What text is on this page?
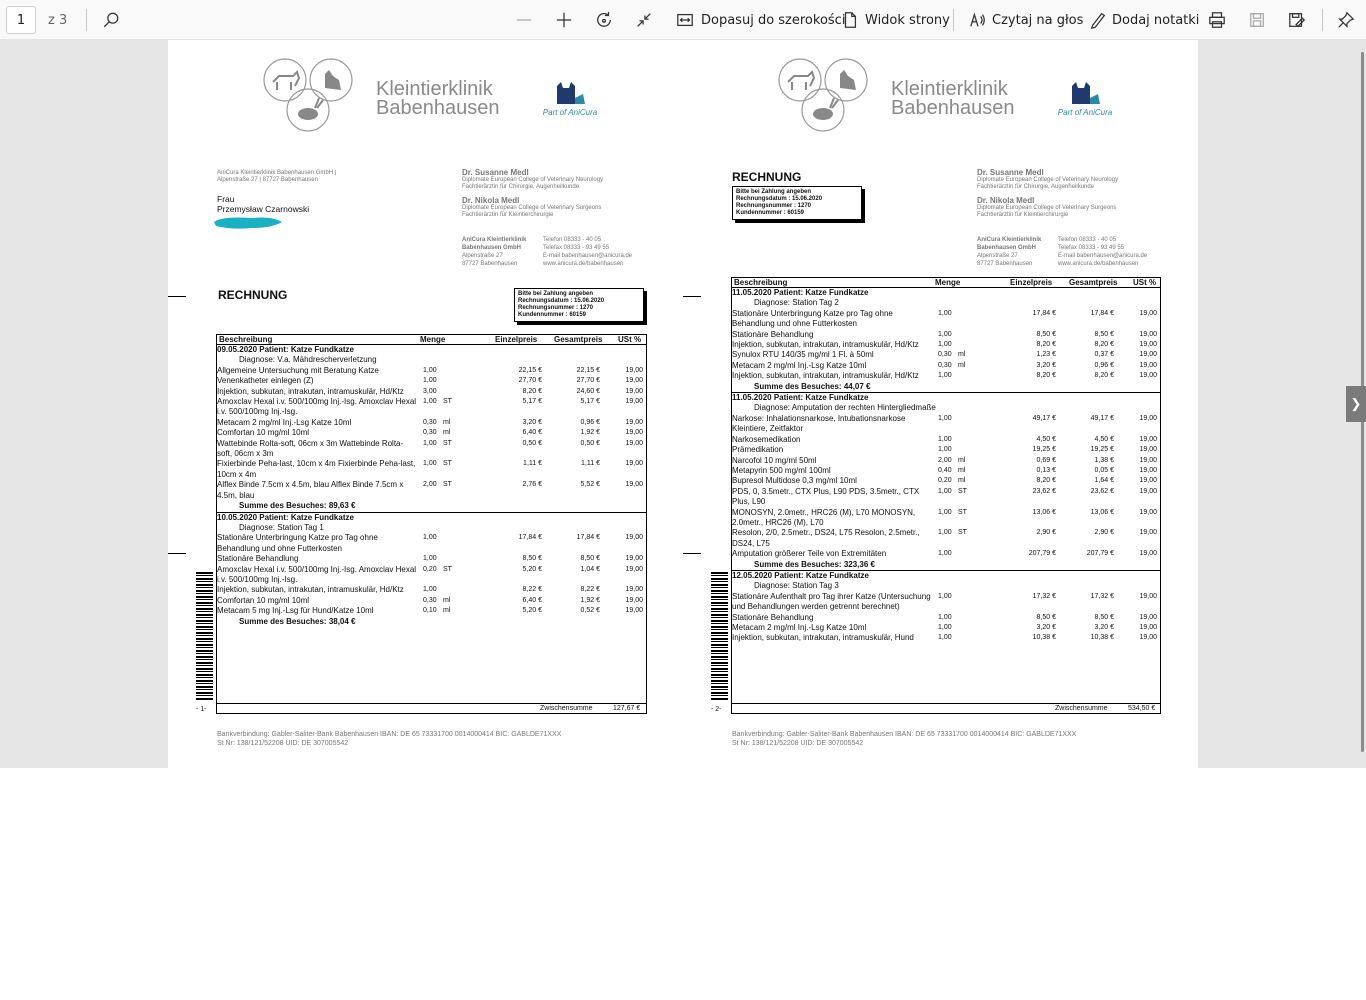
1	z 3	Dopasuj do szerokości Widok strony	Czytaj na głos Dodaj notatki
❯
Kleintierklinik
Babenhausen	Part of AniCura
AniCura Kleintierklinik Babenhausen GmbH |
Alpenstraße 27 | 87727 Babenhausen
Frau
Przemysław Czarnowski
Dr. Susanne Medl
Diplomate European College of Veterinary Neurology
Fachtierärztin für Chirurgie, Augenheilkunde
Dr. Nikola Medl
Diplomate European College of Veterinary Surgeons
Fachtierärztin für Kleintierchirurgie
AniCura Kleintierklinik
Babenhausen GmbH
Alpenstraße 27
87727 Babenhausen
Telefon 08333 - 40 05
Telefax 08333 - 93 49 55
E-mail babenhausen@anicura.de
www.anicura.de/babenhausen
RECHNUNG	Bitte bei Zahlung angeben
Rechnungsdatum : 15.06.2020
Rechnungsnummer : 1270
Kundennummer : 60159
Beschreibung	Menge	Einzelpreis Gesamtpreis USt %
09.05.2020 Patient: Katze Fundkatze
Diagnose: V.a. Mähdrescherverletzung
Allgemeine Untersuchung mit Beratung Katze	1,00	22,15 €	22,15 €	19,00
Venenkatheter einlegen (Z)	1,00	27,70 €	27,70 €	19,00
Injektion, subkutan, intrakutan, intramuskulär, Hd/Ktz	3,00	8,20 €	24,60 €	19,00
Amoxclav Hexal i.v. 500/100mg Inj.-Isg. Amoxclav Hexal i.v. 500/100mg Inj.-Isg.
1,00 ST	5,17 €	5,17 €	19,00
Metacam 2 mg/ml Inj.-Lsg Katze 10ml	0,30 ml	3,20 €	0,96 €	19,00
Comfortan 10 mg/ml 10ml	0,30 ml	6,40 €	1,92 €	19,00
Wattebinde Rolta-soft, 06cm x 3m Wattebinde Rolta-soft, 06cm x 3m
1,00 ST	0,50 €	0,50 €	19,00
Fixierbinde Peha-last, 10cm x 4m Fixierbinde Peha-last, 10cm x 4m
1,00 ST	1,11 €	1,11 €	19,00
Alflex Binde 7.5cm x 4.5m, blau Alflex Binde 7.5cm x 4.5m, blau
2,00 ST	2,76 €	5,52 €	19,00
Summe des Besuches: 89,63 €
10.05.2020 Patient: Katze Fundkatze
Diagnose: Station Tag 1
Stationäre Unterbringung Katze pro Tag ohne Behandlung und ohne Futterkosten
1,00	17,84 €	17,84 €	19,00
Stationäre Behandlung	1,00	8,50 €	8,50 €	19,00
Amoxclav Hexal i.v. 500/100mg Inj.-Isg. Amoxclav Hexal i.v. 500/100mg Inj.-Isg.
0,20 ST	5,20 €	1,04 €	19,00
Injektion, subkutan, intrakutan, intramuskulär, Hd/Ktz	1,00	8,22 €	8,22 €	19,00
Comfortan 10 mg/ml 10ml	0,30 ml	6,40 €	1,92 €	19,00
Metacam 5 mg Inj.-Lsg für Hund/Katze 10ml	0,10 ml	5,20 €	0,52 €	19,00
Summe des Besuches: 38,04 €
Zwischensumme	127,67 €
- 1-
Bankverbindung: Gabler-Saliter-Bank Babenhausen IBAN: DE 65 73331700 0014000414 BIC: GABLDE71XXX
St Nr: 138/121/52208 UID: DE 307005542
Kleintierklinik
Babenhausen	Part of AniCura
RECHNUNG
Bitte bei Zahlung angeben
Rechnungsdatum : 15.06.2020
Rechnungsnummer : 1270
Kundennummer : 60159
Dr. Susanne Medl
Diplomate European College of Veterinary Neurology
Fachtierärztin für Chirurgie, Augenheilkunde
Dr. Nikola Medl
Diplomate European College of Veterinary Surgeons
Fachtierärztin für Kleintierchirurgie
AniCura Kleintierklinik
Babenhausen GmbH
Alpenstraße 27
87727 Babenhausen
Telefon 08333 - 40 05
Telefax 08333 - 93 49 55
E-mail babenhausen@anicura.de
www.anicura.de/babenhausen
Beschreibung	Menge	Einzelpreis Gesamtpreis USt %
11.05.2020 Patient: Katze Fundkatze
Diagnose: Station Tag 2
Stationäre Unterbringung Katze pro Tag ohne Behandlung und ohne Futterkosten
1,00	17,84 €	17,84 €	19,00
Stationäre Behandlung	1,00	8,50 €	8,50 €	19,00
Injektion, subkutan, intrakutan, intramuskulär, Hd/Ktz	1,00	8,20 €	8,20 €	19,00
Synulox RTU 140/35 mg/ml 1 Fl. à 50ml	0,30 ml	1,23 €	0,37 €	19,00
Metacam 2 mg/ml Inj.-Lsg Katze 10ml	0,30 ml	3,20 €	0,96 €	19,00
Injektion, subkutan, intrakutan, intramuskulär, Hd/Ktz	1,00	8,20 €	8,20 €	19,00
Summe des Besuches: 44,07 €
11.05.2020 Patient: Katze Fundkatze
Diagnose: Amputation der rechten Hintergliedmaße
Narkose: Inhalationsnarkose, Intubationsnarkose Kleintiere, Zeitfaktor
1,00	49,17 €	49,17 €	19,00
Narkosemedikation	1,00	4,50 €	4,50 €	19,00
Prämedikation	1,00	19,25 €	19,25 €	19,00
Narcofol 10 mg/ml 50ml	2,00 ml	0,69 €	1,38 €	19,00
Metapyrin 500 mg/ml 100ml	0,40 ml	0,13 €	0,05 €	19,00
Bupresol Multidose 0,3 mg/ml 10ml	0,20 ml	8,20 €	1,64 €	19,00
PDS, 0, 3.5metr., CTX Plus, L90 PDS, 3.5metr., CTX Plus, L90
1,00 ST	23,62 €	23,62 €	19,00
MONOSYN, 2.0metr., HRC26 (M), L70 MONOSYN, 2.0metr., HRC26 (M), L70
1,00 ST	13,06 €	13,06 €	19,00
Resolon, 2/0, 2.5metr., DS24, L75 Resolon, 2.5metr., DS24, L75
1,00 ST	2,90 €	2,90 €	19,00
Amputation größerer Teile von Extremitäten	1,00	207,79 €	207,79 €	19,00
Summe des Besuches: 323,36 €
12.05.2020 Patient: Katze Fundkatze
Diagnose: Station Tag 3
Stationäre Aufenthalt pro Tag ihrer Katze (Untersuchung und Behandlungen werden getrennt berechnet)
1,00	17,32 €	17,32 €	19,00
Stationäre Behandlung	1,00	8,50 €	8,50 €	19,00
Metacam 2 mg/ml Inj.-Lsg Katze 10ml	1,00	3,20 €	3,20 €	19,00
Injektion, subkutan, intrakutan, intramuskulär, Hund	1,00	10,38 €	10,38 €	19,00
Zwischensumme	534,50 €
- 2-
Bankverbindung: Gabler-Saliter-Bank Babenhausen IBAN: DE 65 73331700 0014000414 BIC: GABLDE71XXX
St Nr: 138/121/52208 UID: DE 307005542
